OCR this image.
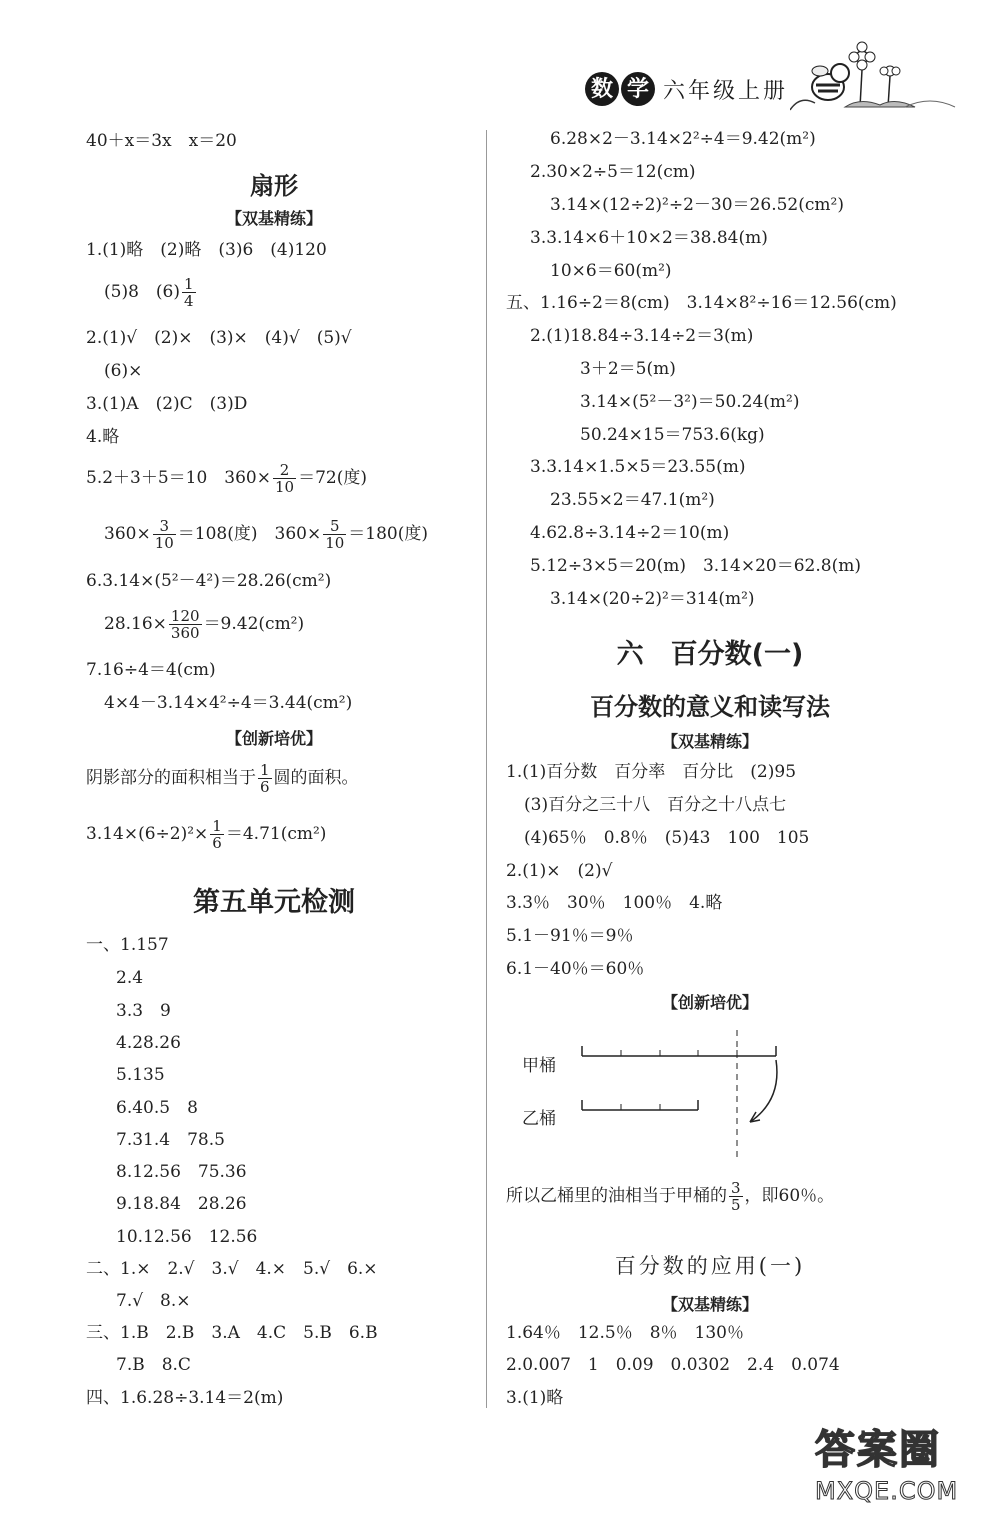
数 学 六年级上册
40＋x＝3x　x＝20
扇形
【双基精练】
1.(1)略　(2)略　(3)6　(4)120
(5)8　$(6) \frac{1}{4}$
2.(1)√　(2)×　(3)×　(4)√　(5)√
(6)×
3.(1)A　(2)C　(3)D
4.略
5.2＋3＋5＝10　$360\times \frac{2}{10} =72$(度)
$360\times \frac{3}{10} =108$(度)　$360\times \frac{5}{10} =180$(度)
6.3.14×(5²－4²)＝28.26(cm²)
$28.16\times \frac{120}{360} =9.42(cm^2)$
7.16÷4＝4(cm)
4×4－3.14×4²÷4＝3.44(cm²)
【创新培优】
阴影部分的面积相当于 $\frac{1}{6}$ 圆的面积。
$3.14\times(6\div 2)^2\times \frac{1}{6} =4.71(cm^2)$
第五单元检测
一、1.157
2.4
3.3　9
4.28.26
5.135
6.40.5　8
7.31.4　78.5
8.12.56　75.36
9.18.84　28.26
10.12.56　12.56
二、1.×　2.√　3.√　4.×　5.√　6.×
7.√　8.×
三、1.B　2.B　3.A　4.C　5.B　6.B
7.B　8.C
四、1.6.28÷3.14＝2(m)
6.28×2－3.14×2²÷4＝9.42(m²)
2.30×2÷5＝12(cm)
3.14×(12÷2)²÷2－30＝26.52(cm²)
3.3.14×6＋10×2＝38.84(m)
10×6＝60(m²)
五、1.16÷2＝8(cm)　3.14×8²÷16＝12.56(cm)
2.(1)18.84÷3.14÷2＝3(m)
3＋2＝5(m)
3.14×(5²－3²)＝50.24(m²)
50.24×15＝753.6(kg)
3.3.14×1.5×5＝23.55(m)
23.55×2＝47.1(m²)
4.62.8÷3.14÷2＝10(m)
5.12÷3×5＝20(m)　3.14×20＝62.8(m)
3.14×(20÷2)²＝314(m²)
六　百分数(一)
百分数的意义和读写法
【双基精练】
1.(1)百分数　百分率　百分比　(2)95
(3)百分之三十八　百分之十八点七
(4)65％　0.8％　(5)43　100　105
2.(1)×　(2)√
3.3％　30％　100％　4.略
5.1－91％＝9％
6.1－40％＝60％
【创新培优】
甲桶
乙桶
所以乙桶里的油相当于甲桶的 $\frac{3}{5}$ ，即60％。
百分数的应用(一)
【双基精练】
1.64％　12.5％　8％　130％
2.0.007　1　0.09　0.0302　2.4　0.074
3.(1)略
答案圈
MXQE.COM
